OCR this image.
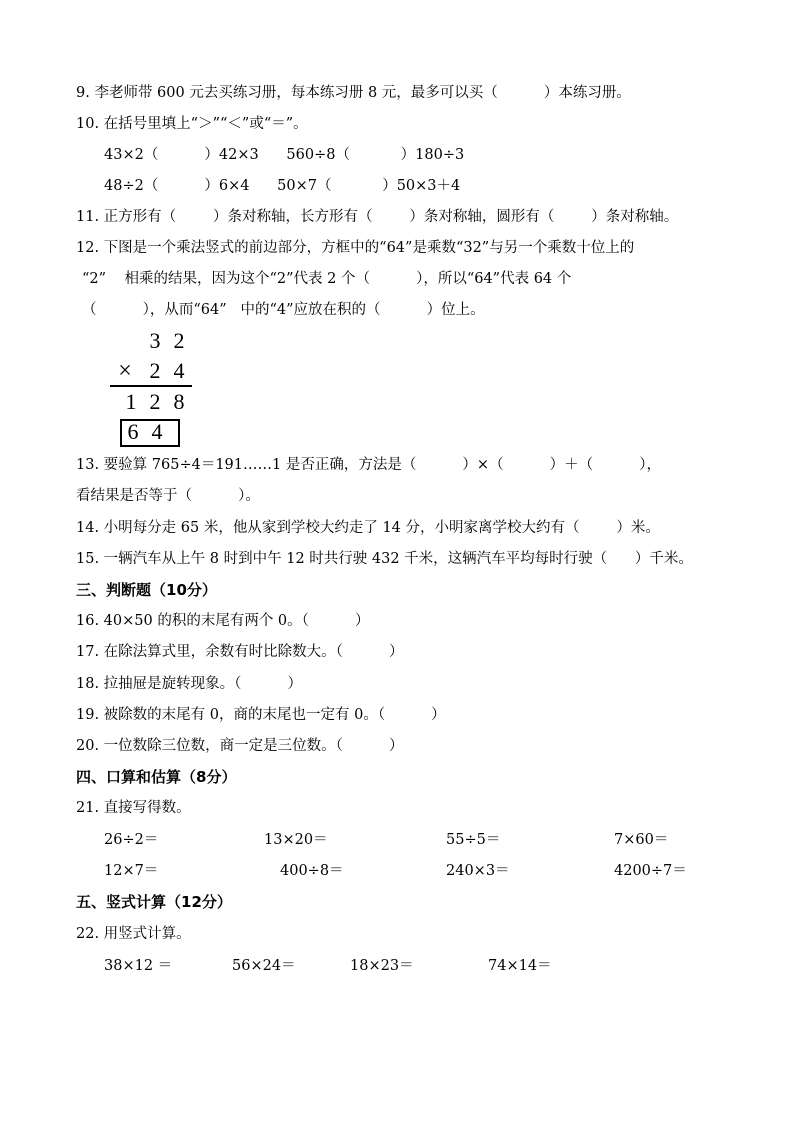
9. 李老师带 600 元去买练习册，每本练习册 8 元，最多可以买（          ）本练习册。
10. 在括号里填上“＞”“＜”或“＝”。
43×2（          ）42×3      560÷8（           ）180÷3
48÷2（          ）6×4      50×7（           ）50×3＋4
11. 正方形有（        ）条对称轴，长方形有（        ）条对称轴，圆形有（        ）条对称轴。
12. 下图是一个乘法竖式的前边部分，方框中的“64”是乘数“32”与另一个乘数十位上的
“2”    相乘的结果，因为这个“2”代表 2 个（          ），所以“64”代表 64 个
（          ），从而“64”   中的“4”应放在积的（          ）位上。
3 2
× 2 4
1 2 8
6 4
13. 要验算 765÷4＝191……1 是否正确，方法是（          ）×（          ）＋（          ），
看结果是否等于（          ）。
14. 小明每分走 65 米，他从家到学校大约走了 14 分，小明家离学校大约有（        ）米。
15. 一辆汽车从上午 8 时到中午 12 时共行驶 432 千米，这辆汽车平均每时行驶（      ）千米。
三、判断题（10分）
16. 40×50 的积的末尾有两个 0。（          ）
17. 在除法算式里，余数有时比除数大。（          ）
18. 拉抽屉是旋转现象。（          ）
19. 被除数的末尾有 0，商的末尾也一定有 0。（          ）
20. 一位数除三位数，商一定是三位数。（          ）
四、口算和估算（8分）
21. 直接写得数。
26÷2＝	13×20＝	55÷5＝	7×60＝
12×7＝	400÷8＝	240×3＝	4200÷7＝
五、竖式计算（12分）
22. 用竖式计算。
38×12 ＝	56×24＝	18×23＝	74×14＝
